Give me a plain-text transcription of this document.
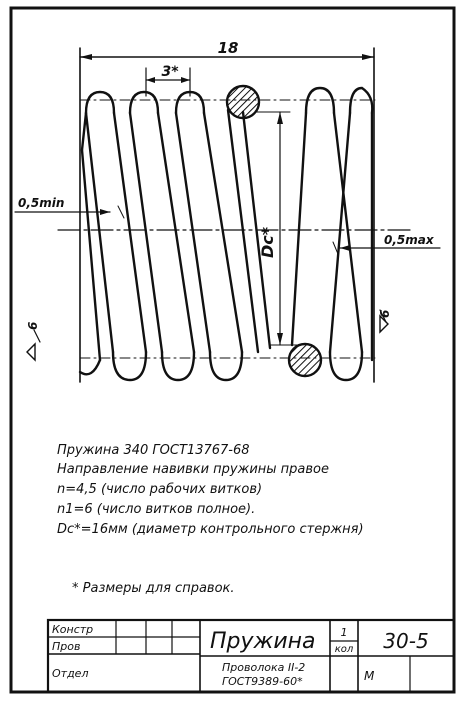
18
3*
0,5min
0,5max
Dc*
6
6
Пружина 340 ГОСТ13767-68
Направление навивки пружины правое
n=4,5 (число рабочих витков)
n1=6 (число витков полное).
Dc*=16мм (диаметр контрольного стержня)
* Размеры для справок.
Констр
Пров
Отдел
Пружина 1
кол 30-5
Проволока II-2
ГОСТ9389-60*	М
